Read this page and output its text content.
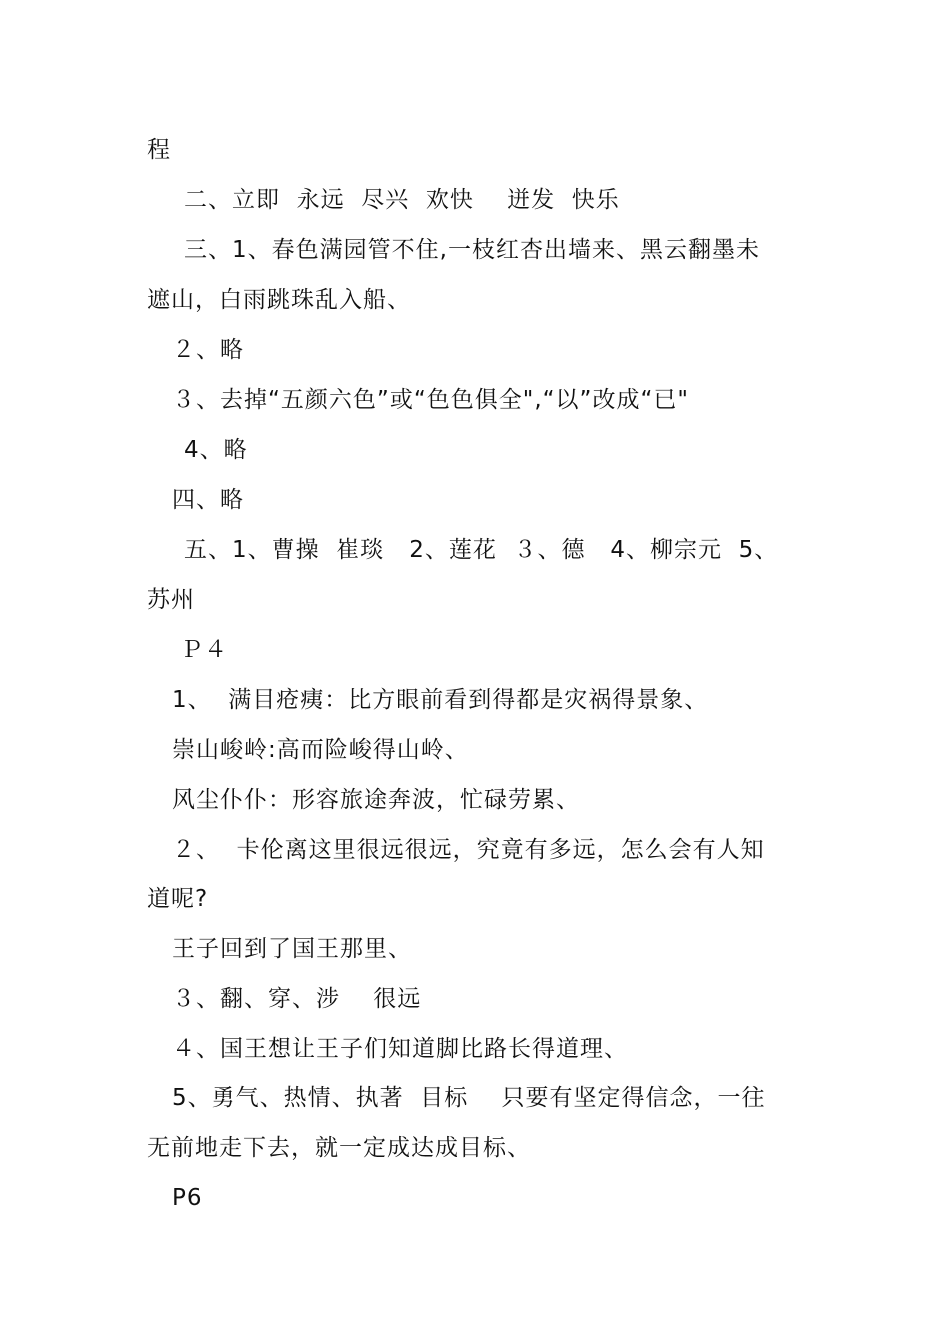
程
二、立即  永远  尽兴  欢快    迸发  快乐
三、1、春色满园管不住,一枝红杏出墙来、黑云翻墨未
遮山，白雨跳珠乱入船、
２、略
３、去掉“五颜六色”或“色色俱全",“以”改成“已"
4、略
四、略
五、1、曹操  崔琰   2、莲花  ３、德   4、柳宗元  5、
苏州
Ｐ４
1、  满目疮痍：比方眼前看到得都是灾祸得景象、
崇山峻岭:高而险峻得山岭、
风尘仆仆：形容旅途奔波，忙碌劳累、
２、  卡伦离这里很远很远，究竟有多远，怎么会有人知
道呢?
王子回到了国王那里、
３、翻、穿、涉    很远
４、国王想让王子们知道脚比路长得道理、
5、勇气、热情、执著  目标    只要有坚定得信念，一往
无前地走下去，就一定成达成目标、
P6
